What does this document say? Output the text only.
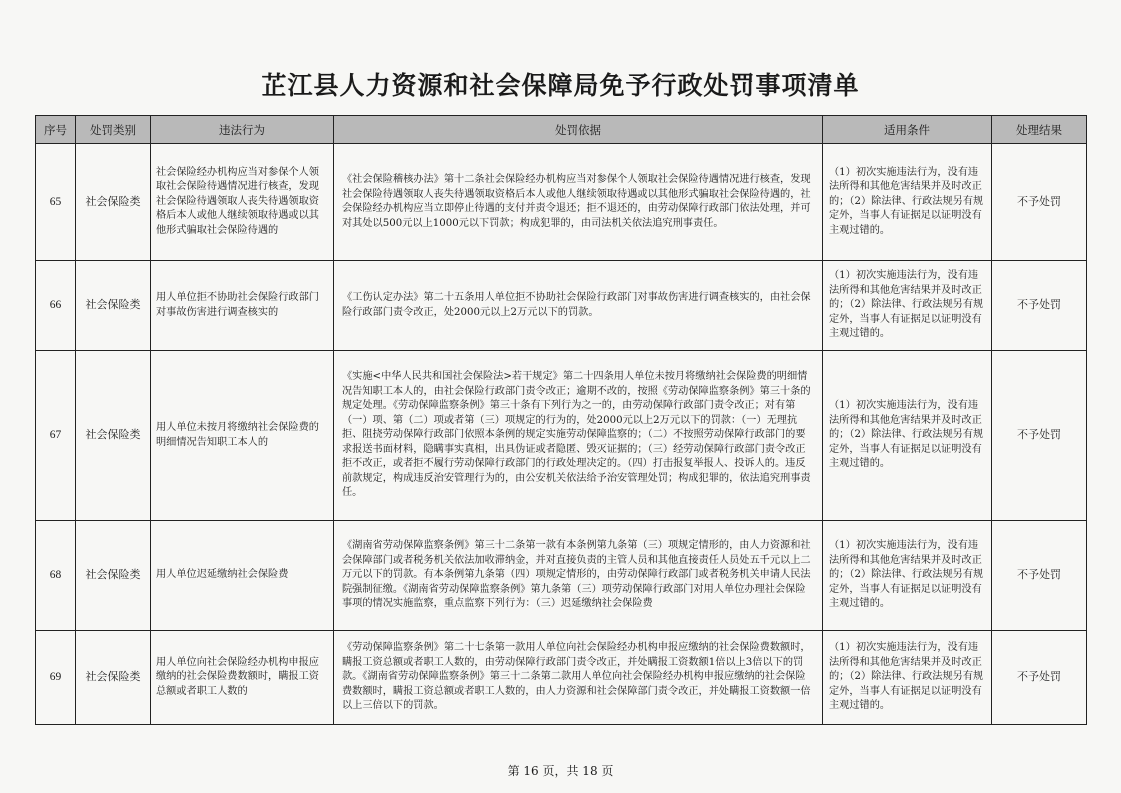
芷江县人力资源和社会保障局免予行政处罚事项清单
序号	处罚类别	违法行为	处罚依据	适用条件	处理结果
65	社会保险类	社会保险经办机构应当对参保个人领取社会保险待遇情况进行核查，发现社会保险待遇领取人丧失待遇领取资格后本人或他人继续领取待遇或以其他形式骗取社会保险待遇的	《社会保险稽核办法》第十二条社会保险经办机构应当对参保个人领取社会保险待遇情况进行核查，发现社会保险待遇领取人丧失待遇领取资格后本人或他人继续领取待遇或以其他形式骗取社会保险待遇的，社会保险经办机构应当立即停止待遇的支付并责令退还；拒不退还的，由劳动保障行政部门依法处理，并可对其处以500元以上1000元以下罚款；构成犯罪的，由司法机关依法追究刑事责任。	（1）初次实施违法行为，没有违法所得和其他危害结果并及时改正的；（2）除法律、行政法规另有规定外，当事人有证据足以证明没有主观过错的。	不予处罚
66	社会保险类	用人单位拒不协助社会保险行政部门对事故伤害进行调查核实的	《工伤认定办法》第二十五条用人单位拒不协助社会保险行政部门对事故伤害进行调查核实的，由社会保险行政部门责令改正，处2000元以上2万元以下的罚款。	（1）初次实施违法行为，没有违法所得和其他危害结果并及时改正的；（2）除法律、行政法规另有规定外，当事人有证据足以证明没有主观过错的。	不予处罚
67	社会保险类	用人单位未按月将缴纳社会保险费的明细情况告知职工本人的	《实施<中华人民共和国社会保险法>若干规定》第二十四条用人单位未按月将缴纳社会保险费的明细情况告知职工本人的，由社会保险行政部门责令改正；逾期不改的，按照《劳动保障监察条例》第三十条的规定处理。《劳动保障监察条例》第三十条有下列行为之一的，由劳动保障行政部门责令改正；对有第（一）项、第（二）项或者第（三）项规定的行为的，处2000元以上2万元以下的罚款：（一）无理抗拒、阻挠劳动保障行政部门依照本条例的规定实施劳动保障监察的；（二）不按照劳动保障行政部门的要求报送书面材料，隐瞒事实真相，出具伪证或者隐匿、毁灭证据的；（三）经劳动保障行政部门责令改正拒不改正，或者拒不履行劳动保障行政部门的行政处理决定的。（四）打击报复举报人、投诉人的。违反前款规定，构成违反治安管理行为的，由公安机关依法给予治安管理处罚；构成犯罪的，依法追究刑事责任。	（1）初次实施违法行为，没有违法所得和其他危害结果并及时改正的；（2）除法律、行政法规另有规定外，当事人有证据足以证明没有主观过错的。	不予处罚
68	社会保险类	用人单位迟延缴纳社会保险费	《湖南省劳动保障监察条例》第三十二条第一款有本条例第九条第（三）项规定情形的，由人力资源和社会保障部门或者税务机关依法加收滞纳金，并对直接负责的主管人员和其他直接责任人员处五千元以上二万元以下的罚款。有本条例第九条第（四）项规定情形的，由劳动保障行政部门或者税务机关申请人民法院强制征缴。《湖南省劳动保障监察条例》第九条第（三）项劳动保障行政部门对用人单位办理社会保险事项的情况实施监察，重点监察下列行为：（三）迟延缴纳社会保险费	（1）初次实施违法行为，没有违法所得和其他危害结果并及时改正的；（2）除法律、行政法规另有规定外，当事人有证据足以证明没有主观过错的。	不予处罚
69	社会保险类	用人单位向社会保险经办机构申报应缴纳的社会保险费数额时，瞒报工资总额或者职工人数的	《劳动保障监察条例》第二十七条第一款用人单位向社会保险经办机构申报应缴纳的社会保险费数额时，瞒报工资总额或者职工人数的，由劳动保障行政部门责令改正，并处瞒报工资数额1倍以上3倍以下的罚款。《湖南省劳动保障监察条例》第三十二条第二款用人单位向社会保险经办机构申报应缴纳的社会保险费数额时，瞒报工资总额或者职工人数的，由人力资源和社会保障部门责令改正，并处瞒报工资数额一倍以上三倍以下的罚款。	（1）初次实施违法行为，没有违法所得和其他危害结果并及时改正的；（2）除法律、行政法规另有规定外，当事人有证据足以证明没有主观过错的。	不予处罚
第 16 页，共 18 页
